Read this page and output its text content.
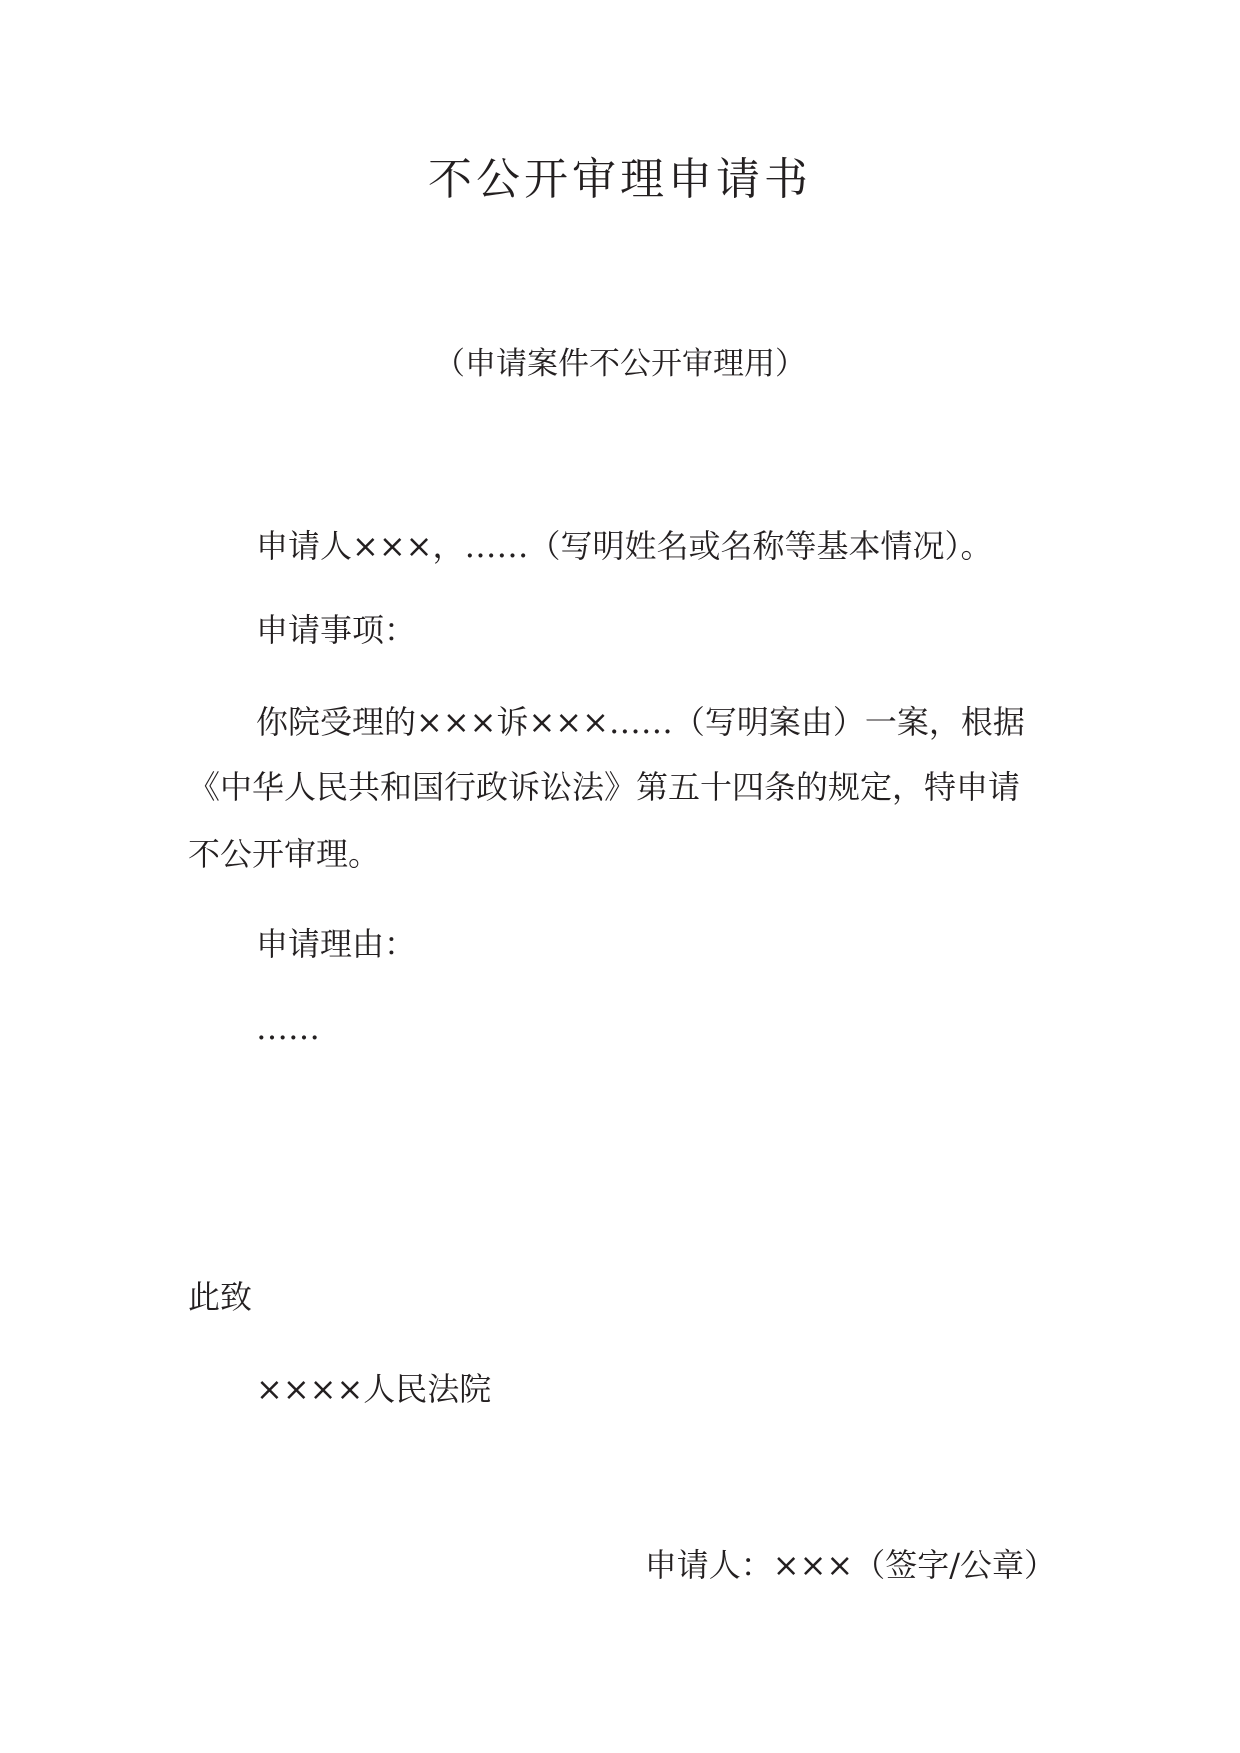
不公开审理申请书
（申请案件不公开审理用）
申请人×××，……（写明姓名或名称等基本情况）。
申请事项：
你院受理的×××诉×××……（写明案由）一案，根据
《中华人民共和国行政诉讼法》第五十四条的规定，特申请
不公开审理。
申请理由：
……
此致
××××人民法院
申请人：×××（签字/公章）
